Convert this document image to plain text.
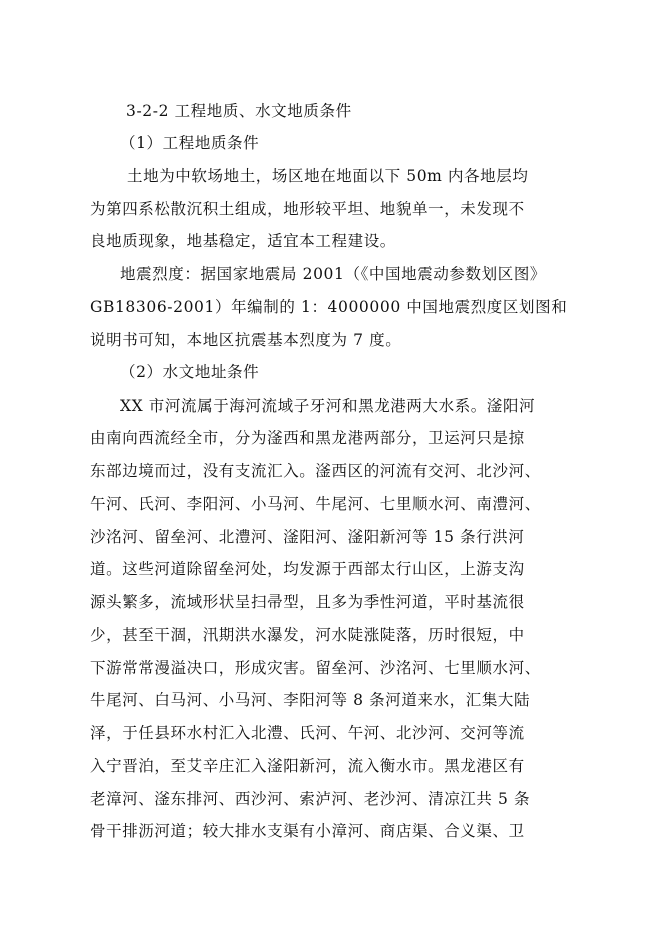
3-2-2 工程地质、水文地质条件
（1）工程地质条件
土地为中软场地土，场区地在地面以下 50m 内各地层均
为第四系松散沉积土组成，地形较平坦、地貌单一，未发现不
良地质现象，地基稳定，适宜本工程建设。
地震烈度：据国家地震局 2001（《中国地震动参数划区图》
GB18306-2001）年编制的 1：4000000 中国地震烈度区划图和
说明书可知，本地区抗震基本烈度为 7 度。
（2）水文地址条件
XX 市河流属于海河流域子牙河和黑龙港两大水系。滏阳河
由南向西流经全市，分为滏西和黑龙港两部分，卫运河只是掠
东部边境而过，没有支流汇入。滏西区的河流有交河、北沙河、
午河、氏河、李阳河、小马河、牛尾河、七里顺水河、南澧河、
沙洺河、留垒河、北澧河、滏阳河、滏阳新河等 15 条行洪河
道。这些河道除留垒河处，均发源于西部太行山区，上游支沟
源头繁多，流域形状呈扫帚型，且多为季性河道，平时基流很
少，甚至干涸，汛期洪水瀑发，河水陡涨陡落，历时很短，中
下游常常漫溢决口，形成灾害。留垒河、沙洺河、七里顺水河、
牛尾河、白马河、小马河、李阳河等 8 条河道来水，汇集大陆
泽，于任县环水村汇入北澧、氏河、午河、北沙河、交河等流
入宁晋泊，至艾辛庄汇入滏阳新河，流入衡水市。黑龙港区有
老漳河、滏东排河、西沙河、索泸河、老沙河、清凉江共 5 条
骨干排沥河道；较大排水支渠有小漳河、商店渠、合义渠、卫
